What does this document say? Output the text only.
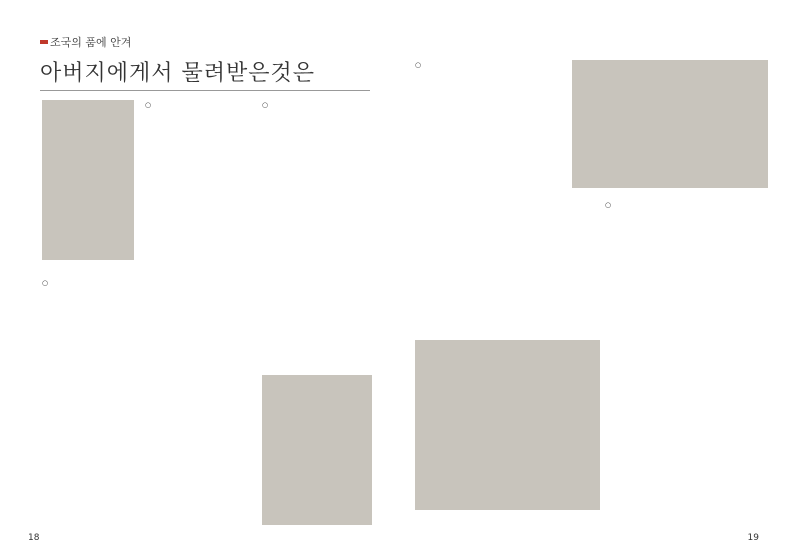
조국의 품에 안겨
아버지에게서 물려받은것은

○

○	○

○

○

18	19
